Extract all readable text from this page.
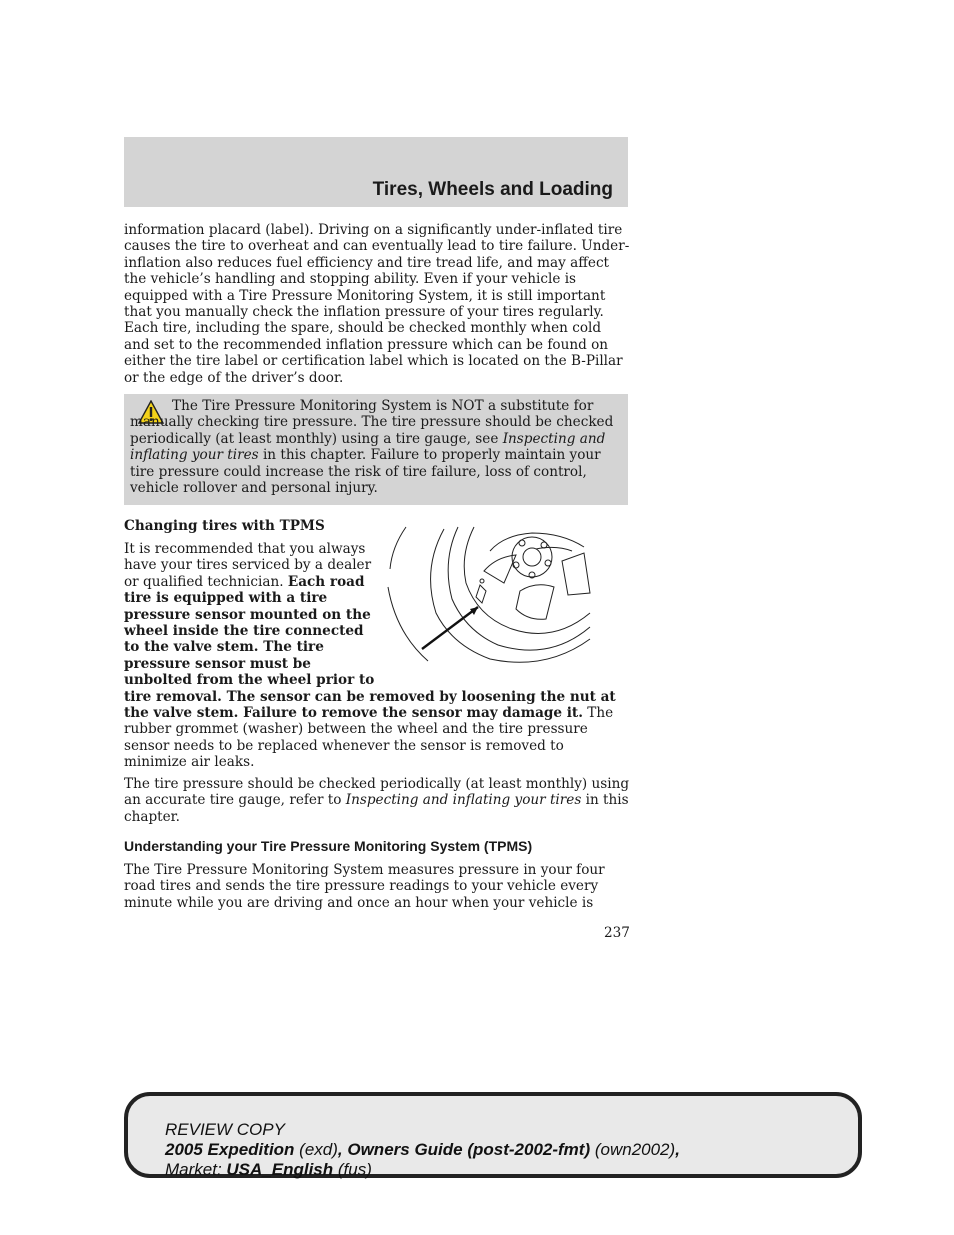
Tires, Wheels and Loading
information placard (label). Driving on a significantly under-inflated tire causes the tire to overheat and can eventually lead to tire failure. Under-inflation also reduces fuel efficiency and tire tread life, and may affect the vehicle’s handling and stopping ability. Even if your vehicle is equipped with a Tire Pressure Monitoring System, it is still important that you manually check the inflation pressure of your tires regularly. Each tire, including the spare, should be checked monthly when cold and set to the recommended inflation pressure which can be found on either the tire label or certification label which is located on the B-Pillar or the edge of the driver’s door.
The Tire Pressure Monitoring System is NOT a substitute for manually checking tire pressure. The tire pressure should be checked periodically (at least monthly) using a tire gauge, see Inspecting and inflating your tires in this chapter. Failure to properly maintain your tire pressure could increase the risk of tire failure, loss of control, vehicle rollover and personal injury.
Changing tires with TPMS
It is recommended that you always have your tires serviced by a dealer or qualified technician. Each road tire is equipped with a tire pressure sensor mounted on the wheel inside the tire connected to the valve stem. The tire pressure sensor must be unbolted from the wheel prior to tire removal. The sensor can be removed by loosening the nut at the valve stem. Failure to remove the sensor may damage it. The rubber grommet (washer) between the wheel and the tire pressure sensor needs to be replaced whenever the sensor is removed to minimize air leaks.
The tire pressure should be checked periodically (at least monthly) using an accurate tire gauge, refer to Inspecting and inflating your tires in this chapter.
Understanding your Tire Pressure Monitoring System (TPMS)
The Tire Pressure Monitoring System measures pressure in your four road tires and sends the tire pressure readings to your vehicle every minute while you are driving and once an hour when your vehicle is
237
REVIEW COPY
2005 Expedition (exd), Owners Guide (post-2002-fmt) (own2002),
Market: USA_English (fus)
